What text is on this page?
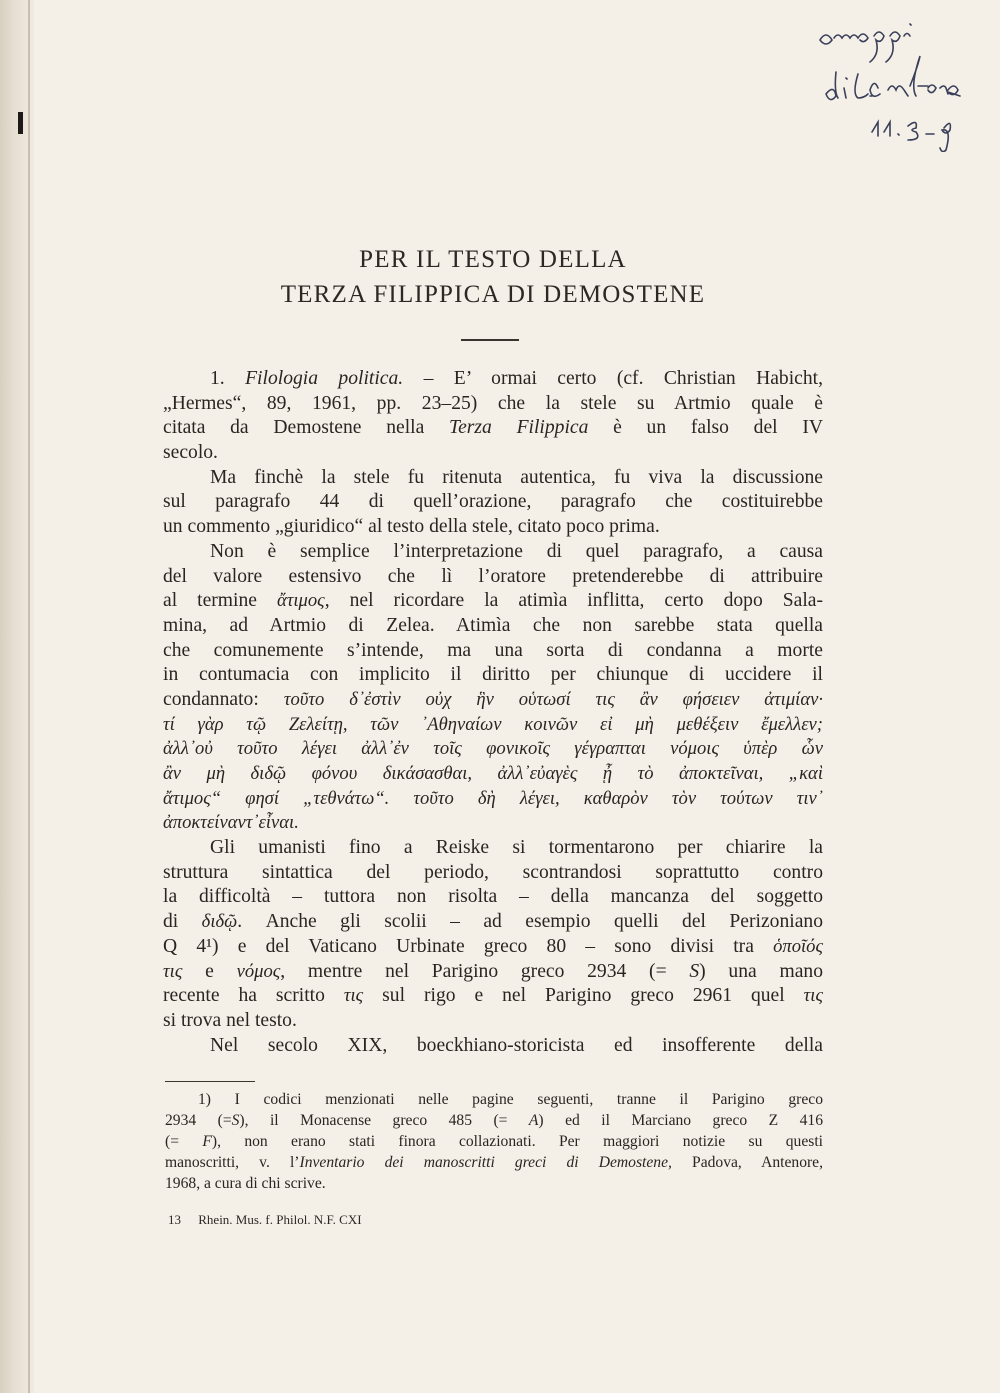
PER IL TESTO DELLA
TERZA FILIPPICA DI DEMOSTENE
1. Filologia politica. – E’ ormai certo (cf. Christian Habicht,
„Hermes“, 89, 1961, pp. 23–25) che la stele su Artmio quale è
citata da Demostene nella Terza Filippica è un falso del IV
secolo.
Ma finchè la stele fu ritenuta autentica, fu viva la discussione
sul paragrafo 44 di quell’orazione, paragrafo che costituirebbe
un commento „giuridico“ al testo della stele, citato poco prima.
Non è semplice l’interpretazione di quel paragrafo, a causa
del valore estensivo che lì l’oratore pretenderebbe di attribuire
al termine ἄτιμος, nel ricordare la atimìa inflitta, certo dopo Sala-
mina, ad Artmio di Zelea. Atimìa che non sarebbe stata quella
che comunemente s’intende, ma una sorta di condanna a morte
in contumacia con implicito il diritto per chiunque di uccidere il
condannato: τοῦτο δ᾽ἐστὶν οὐχ ἣν οὑτωσί τις ἂν φήσειεν ἀτιμίαν·
τί γὰρ τῷ Ζελείτῃ, τῶν ᾿Αθηναίων κοινῶν εἰ μὴ μεθέξειν ἔμελλεν;
ἀλλ᾽οὐ τοῦτο λέγει ἀλλ᾽ἐν τοῖς φονικοῖς γέγραπται νόμοις ὑπὲρ ὧν
ἂν μὴ διδῷ φόνου δικάσασθαι, ἀλλ᾽εὐαγὲς ᾖ τὸ ἀποκτεῖναι, „καὶ
ἄτιμος“ φησί „τεθνάτω“. τοῦτο δὴ λέγει, καθαρὸν τὸν τούτων τιν᾽
ἀποκτείναντ᾽εἶναι.
Gli umanisti fino a Reiske si tormentarono per chiarire la
struttura sintattica del periodo, scontrandosi soprattutto contro
la difficoltà – tuttora non risolta – della mancanza del soggetto
di διδῷ. Anche gli scolii – ad esempio quelli del Perizoniano
Q 4¹) e del Vaticano Urbinate greco 80 – sono divisi tra ὁποῖός
τις e νόμος, mentre nel Parigino greco 2934 (= S) una mano
recente ha scritto τις sul rigo e nel Parigino greco 2961 quel τις
si trova nel testo.
Nel secolo XIX, boeckhiano-storicista ed insofferente della
1) I codici menzionati nelle pagine seguenti, tranne il Parigino greco
2934 (=S), il Monacense greco 485 (= A) ed il Marciano greco Z 416
(= F), non erano stati finora collazionati. Per maggiori notizie su questi
manoscritti, v. l’Inventario dei manoscritti greci di Demostene, Padova, Antenore,
1968, a cura di chi scrive.
13 Rhein. Mus. f. Philol. N.F. CXI
